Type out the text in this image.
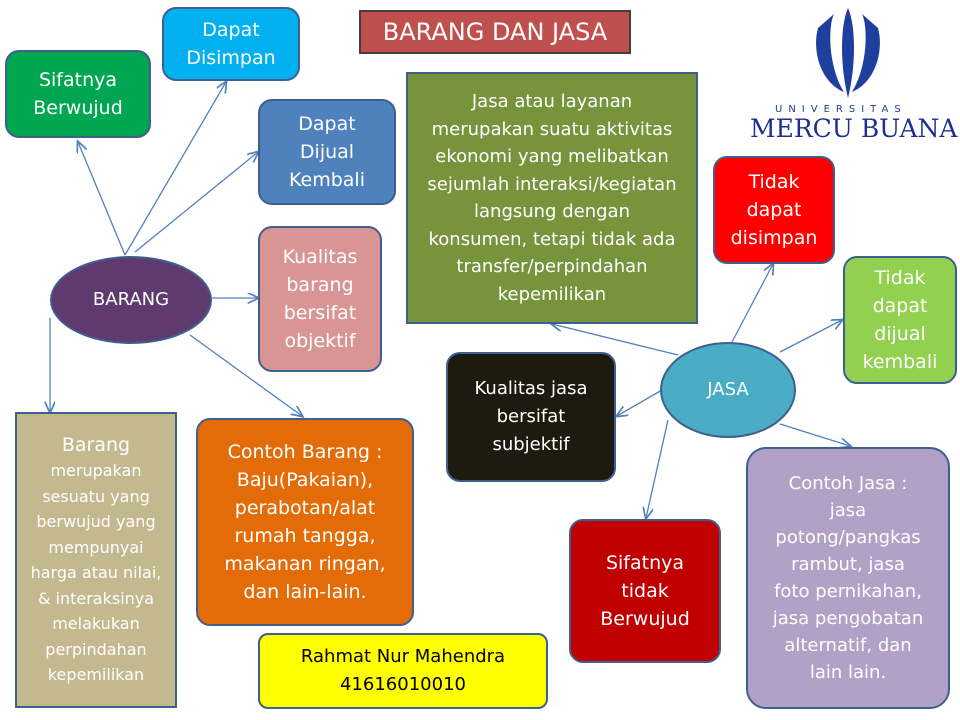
BARANG DAN JASA
UNIVERSITAS
MERCU BUANA
BARANG
Sifatnya
Berwujud
Dapat
Disimpan
Dapat
Dijual
Kembali
Kualitas
barang
bersifat
objektif
Barang
merupakan
sesuatu yang
berwujud yang
mempunyai
harga atau nilai,
& interaksinya
melakukan
perpindahan
kepemilikan
Contoh Barang :
Baju(Pakaian),
perabotan/alat
rumah tangga,
makanan ringan,
dan lain-lain.
Rahmat Nur Mahendra
41616010010
Jasa atau layanan
merupakan suatu aktivitas
ekonomi yang melibatkan
sejumlah interaksi/kegiatan
langsung dengan
konsumen, tetapi tidak ada
transfer/perpindahan
kepemilikan
JASA
Tidak
dapat
disimpan
Tidak
dapat
dijual
kembali
Kualitas jasa
bersifat
subjektif
Sifatnya
tidak
Berwujud
Contoh Jasa :
jasa
potong/pangkas
rambut, jasa
foto pernikahan,
jasa pengobatan
alternatif, dan
lain lain.
